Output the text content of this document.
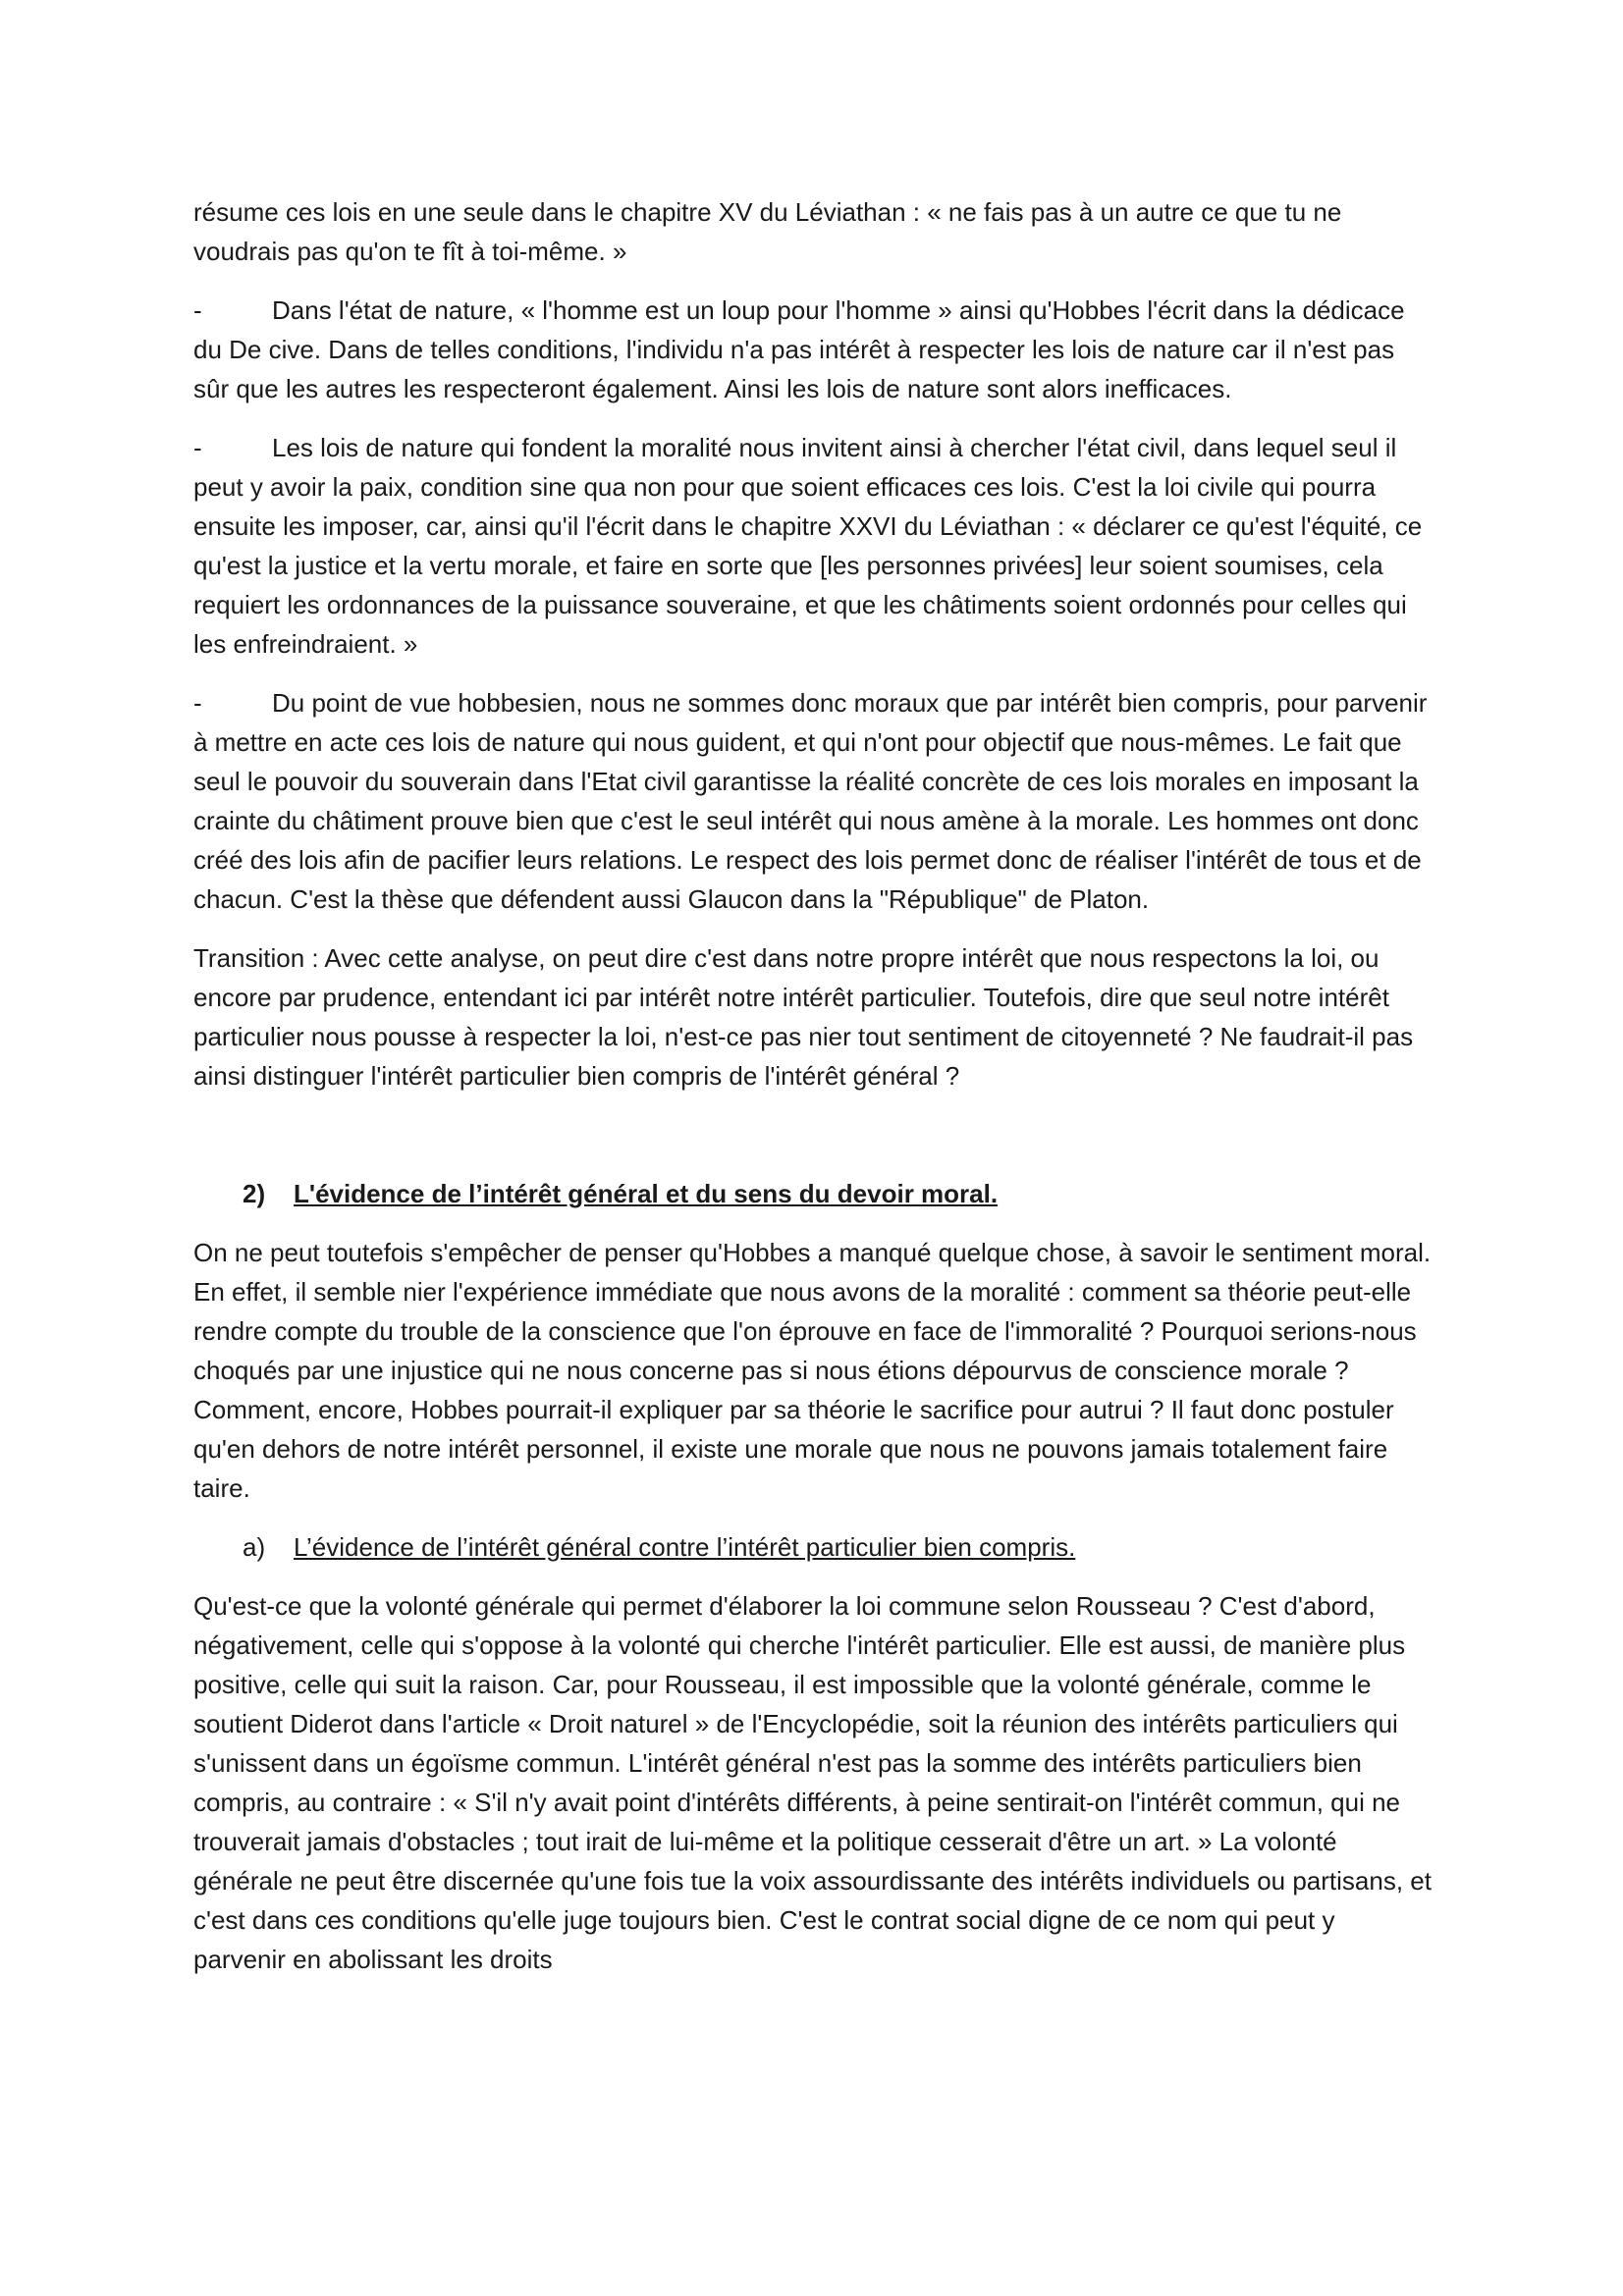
résume ces lois en une seule dans le chapitre XV du Léviathan : « ne fais pas à un autre ce que tu ne voudrais pas qu'on te fît à toi-même. »

-	Dans l'état de nature, « l'homme est un loup pour l'homme » ainsi qu'Hobbes l'écrit dans la dédicace du De cive. Dans de telles conditions, l'individu n'a pas intérêt à respecter les lois de nature car il n'est pas sûr que les autres les respecteront également. Ainsi les lois de nature sont alors inefficaces.

-	Les lois de nature qui fondent la moralité nous invitent ainsi à chercher l'état civil, dans lequel seul il peut y avoir la paix, condition sine qua non pour que soient efficaces ces lois. C'est la loi civile qui pourra ensuite les imposer, car, ainsi qu'il l'écrit dans le chapitre XXVI du Léviathan : « déclarer ce qu'est l'équité, ce qu'est la justice et la vertu morale, et faire en sorte que [les personnes privées] leur soient soumises, cela requiert les ordonnances de la puissance souveraine, et que les châtiments soient ordonnés pour celles qui les enfreindraient. »

-	Du point de vue hobbesien, nous ne sommes donc moraux que par intérêt bien compris, pour parvenir à mettre en acte ces lois de nature qui nous guident, et qui n'ont pour objectif que nous-mêmes. Le fait que seul le pouvoir du souverain dans l'Etat civil garantisse la réalité concrète de ces lois morales en imposant la crainte du châtiment prouve bien que c'est le seul intérêt qui nous amène à la morale. Les hommes ont donc créé des lois afin de pacifier leurs relations. Le respect des lois permet donc de réaliser l'intérêt de tous et de chacun. C'est la thèse que défendent aussi Glaucon dans la "République" de Platon.

Transition : Avec cette analyse, on peut dire c'est dans notre propre intérêt que nous respectons la loi, ou encore par prudence, entendant ici par intérêt notre intérêt particulier. Toutefois, dire que seul notre intérêt particulier nous pousse à respecter la loi, n'est-ce pas nier tout sentiment de citoyenneté ? Ne faudrait-il pas ainsi distinguer l'intérêt particulier bien compris de l'intérêt général ?

2) L'évidence de l’intérêt général et du sens du devoir moral.

On ne peut toutefois s'empêcher de penser qu'Hobbes a manqué quelque chose, à savoir le sentiment moral. En effet, il semble nier l'expérience immédiate que nous avons de la moralité : comment sa théorie peut-elle rendre compte du trouble de la conscience que l'on éprouve en face de l'immoralité ? Pourquoi serions-nous choqués par une injustice qui ne nous concerne pas si nous étions dépourvus de conscience morale ? Comment, encore, Hobbes pourrait-il expliquer par sa théorie le sacrifice pour autrui ? Il faut donc postuler qu'en dehors de notre intérêt personnel, il existe une morale que nous ne pouvons jamais totalement faire taire.

a) L’évidence de l’intérêt général contre l’intérêt particulier bien compris.

Qu'est-ce que la volonté générale qui permet d'élaborer la loi commune selon Rousseau ? C'est d'abord, négativement, celle qui s'oppose à la volonté qui cherche l'intérêt particulier. Elle est aussi, de manière plus positive, celle qui suit la raison. Car, pour Rousseau, il est impossible que la volonté générale, comme le soutient Diderot dans l'article « Droit naturel » de l'Encyclopédie, soit la réunion des intérêts particuliers qui s'unissent dans un égoïsme commun. L'intérêt général n'est pas la somme des intérêts particuliers bien compris, au contraire : « S'il n'y avait point d'intérêts différents, à peine sentirait-on l'intérêt commun, qui ne trouverait jamais d'obstacles ; tout irait de lui-même et la politique cesserait d'être un art. » La volonté générale ne peut être discernée qu'une fois tue la voix assourdissante des intérêts individuels ou partisans, et c'est dans ces conditions qu'elle juge toujours bien. C'est le contrat social digne de ce nom qui peut y parvenir en abolissant les droits
